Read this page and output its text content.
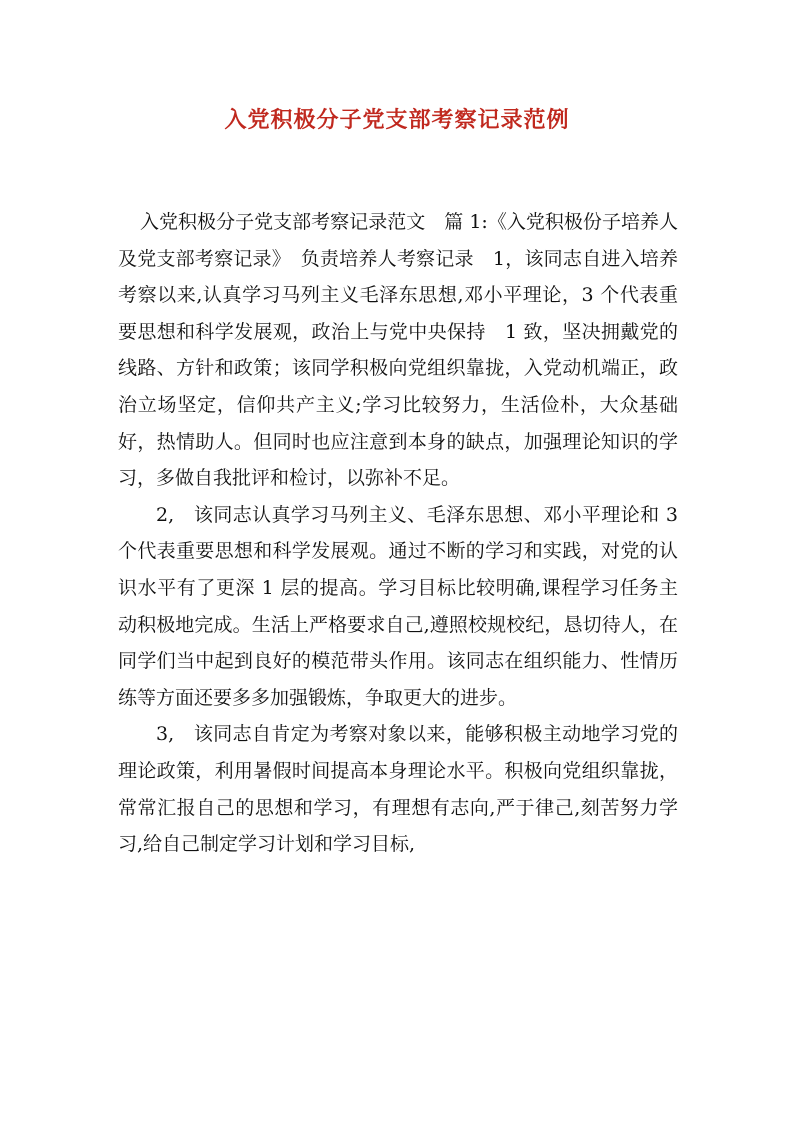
入党积极分子党支部考察记录范例

入党积极分子党支部考察记录范文　篇 1:《入党积极份子培养人及党支部考察记录》　负责培养人考察记录　1，该同志自进入培养考察以来,认真学习马列主义毛泽东思想,邓小平理论，3 个代表重要思想和科学发展观，政治上与党中央保持　1 致，坚决拥戴党的线路、方针和政策；该同学积极向党组织靠拢，入党动机端正，政治立场坚定，信仰共产主义;学习比较努力，生活俭朴，大众基础好，热情助人。但同时也应注意到本身的缺点，加强理论知识的学习，多做自我批评和检讨，以弥补不足。

2,　该同志认真学习马列主义、毛泽东思想、邓小平理论和 3 个代表重要思想和科学发展观。通过不断的学习和实践，对党的认识水平有了更深 1 层的提高。学习目标比较明确,课程学习任务主动积极地完成。生活上严格要求自己,遵照校规校纪，恳切待人，在同学们当中起到良好的模范带头作用。该同志在组织能力、性情历练等方面还要多多加强锻炼，争取更大的进步。

3,　该同志自肯定为考察对象以来，能够积极主动地学习党的理论政策，利用暑假时间提高本身理论水平。积极向党组织靠拢，常常汇报自己的思想和学习，有理想有志向,严于律己,刻苦努力学习,给自己制定学习计划和学习目标,
